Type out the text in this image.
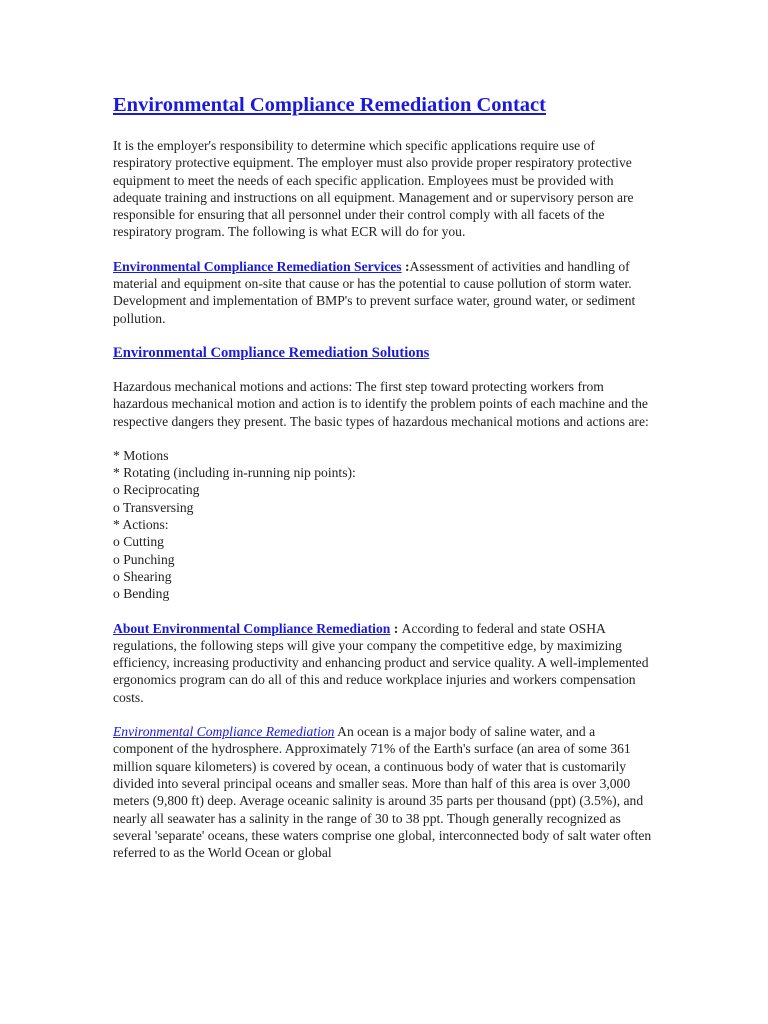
Environmental Compliance Remediation Contact

It is the employer's responsibility to determine which specific applications require use of respiratory protective equipment. The employer must also provide proper respiratory protective equipment to meet the needs of each specific application. Employees must be provided with adequate training and instructions on all equipment. Management and or supervisory person are responsible for ensuring that all personnel under their control comply with all facets of the respiratory program. The following is what ECR will do for you.

Environmental Compliance Remediation Services :Assessment of activities and handling of material and equipment on-site that cause or has the potential to cause pollution of storm water. Development and implementation of BMP's to prevent surface water, ground water, or sediment pollution.

Environmental Compliance Remediation Solutions

Hazardous mechanical motions and actions: The first step toward protecting workers from hazardous mechanical motion and action is to identify the problem points of each machine and the respective dangers they present. The basic types of hazardous mechanical motions and actions are:

* Motions
* Rotating (including in-running nip points):
o Reciprocating
o Transversing
* Actions:
o Cutting
o Punching
o Shearing
o Bending

About Environmental Compliance Remediation : According to federal and state OSHA regulations, the following steps will give your company the competitive edge, by maximizing efficiency, increasing productivity and enhancing product and service quality. A well-implemented ergonomics program can do all of this and reduce workplace injuries and workers compensation costs.

Environmental Compliance Remediation An ocean is a major body of saline water, and a component of the hydrosphere. Approximately 71% of the Earth's surface (an area of some 361 million square kilometers) is covered by ocean, a continuous body of water that is customarily divided into several principal oceans and smaller seas. More than half of this area is over 3,000 meters (9,800 ft) deep. Average oceanic salinity is around 35 parts per thousand (ppt) (3.5%), and nearly all seawater has a salinity in the range of 30 to 38 ppt. Though generally recognized as several 'separate' oceans, these waters comprise one global, interconnected body of salt water often referred to as the World Ocean or global
